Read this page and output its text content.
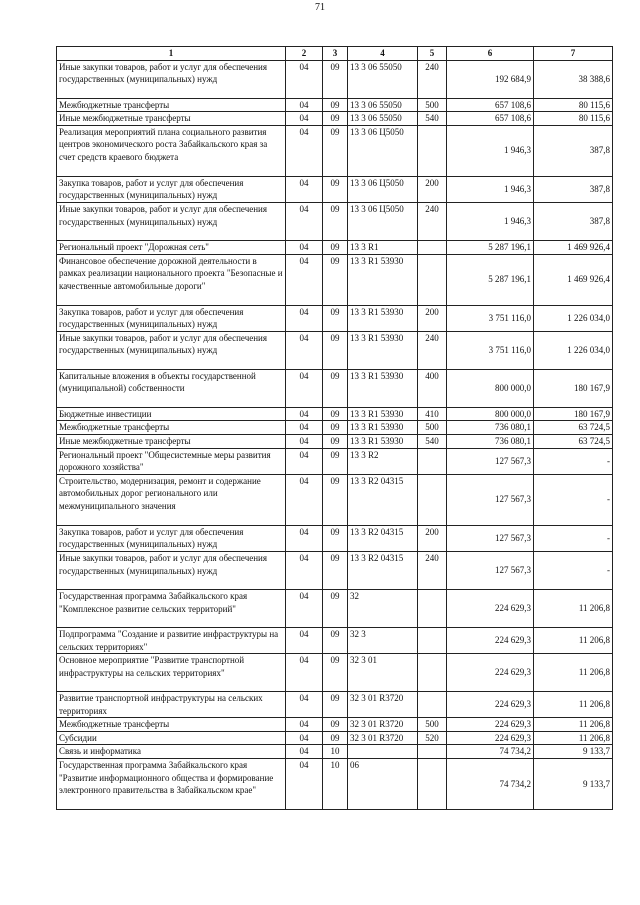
71
1	2	3	4	5	6	7
Иные закупки товаров, работ и услуг для обеспечения государственных (муниципальных) нужд	04	09	13 3 06 55050	240	192 684,9	38 388,6
Межбюджетные трансферты	04	09	13 3 06 55050	500	657 108,6	80 115,6
Иные межбюджетные трансферты	04	09	13 3 06 55050	540	657 108,6	80 115,6
Реализация мероприятий плана социального развития центров экономического роста Забайкальского края за счет средств краевого бюджета	04	09	13 3 06 Ц5050		1 946,3	387,8
Закупка товаров, работ и услуг для обеспечения государственных (муниципальных) нужд	04	09	13 3 06 Ц5050	200	1 946,3	387,8
Иные закупки товаров, работ и услуг для обеспечения государственных (муниципальных) нужд	04	09	13 3 06 Ц5050	240	1 946,3	387,8
Региональный проект "Дорожная сеть"	04	09	13 3 R1		5 287 196,1	1 469 926,4
Финансовое обеспечение дорожной деятельности в рамках реализации национального проекта "Безопасные и качественные автомобильные дороги"	04	09	13 3 R1 53930		5 287 196,1	1 469 926,4
Закупка товаров, работ и услуг для обеспечения государственных (муниципальных) нужд	04	09	13 3 R1 53930	200	3 751 116,0	1 226 034,0
Иные закупки товаров, работ и услуг для обеспечения государственных (муниципальных) нужд	04	09	13 3 R1 53930	240	3 751 116,0	1 226 034,0
Капитальные вложения в объекты государственной (муниципальной) собственности	04	09	13 3 R1 53930	400	800 000,0	180 167,9
Бюджетные инвестиции	04	09	13 3 R1 53930	410	800 000,0	180 167,9
Межбюджетные трансферты	04	09	13 3 R1 53930	500	736 080,1	63 724,5
Иные межбюджетные трансферты	04	09	13 3 R1 53930	540	736 080,1	63 724,5
Региональный проект "Общесистемные меры развития дорожного хозяйства"	04	09	13 3 R2		127 567,3	-
Строительство, модернизация, ремонт и содержание автомобильных дорог регионального или межмуниципального значения	04	09	13 3 R2 04315		127 567,3	-
Закупка товаров, работ и услуг для обеспечения государственных (муниципальных) нужд	04	09	13 3 R2 04315	200	127 567,3	-
Иные закупки товаров, работ и услуг для обеспечения государственных (муниципальных) нужд	04	09	13 3 R2 04315	240	127 567,3	-
Государственная программа Забайкальского края "Комплексное развитие сельских территорий"	04	09	32		224 629,3	11 206,8
Подпрограмма "Создание и развитие инфраструктуры на сельских территориях"	04	09	32 3		224 629,3	11 206,8
Основное мероприятие "Развитие транспортной инфраструктуры на сельских территориях"	04	09	32 3 01		224 629,3	11 206,8
Развитие транспортной инфраструктуры на сельских территориях	04	09	32 3 01 R3720		224 629,3	11 206,8
Межбюджетные трансферты	04	09	32 3 01 R3720	500	224 629,3	11 206,8
Субсидии	04	09	32 3 01 R3720	520	224 629,3	11 206,8
Связь и информатика	04	10			74 734,2	9 133,7
Государственная программа Забайкальского края "Развитие информационного общества и формирование электронного правительства в Забайкальском крае"	04	10	06		74 734,2	9 133,7
